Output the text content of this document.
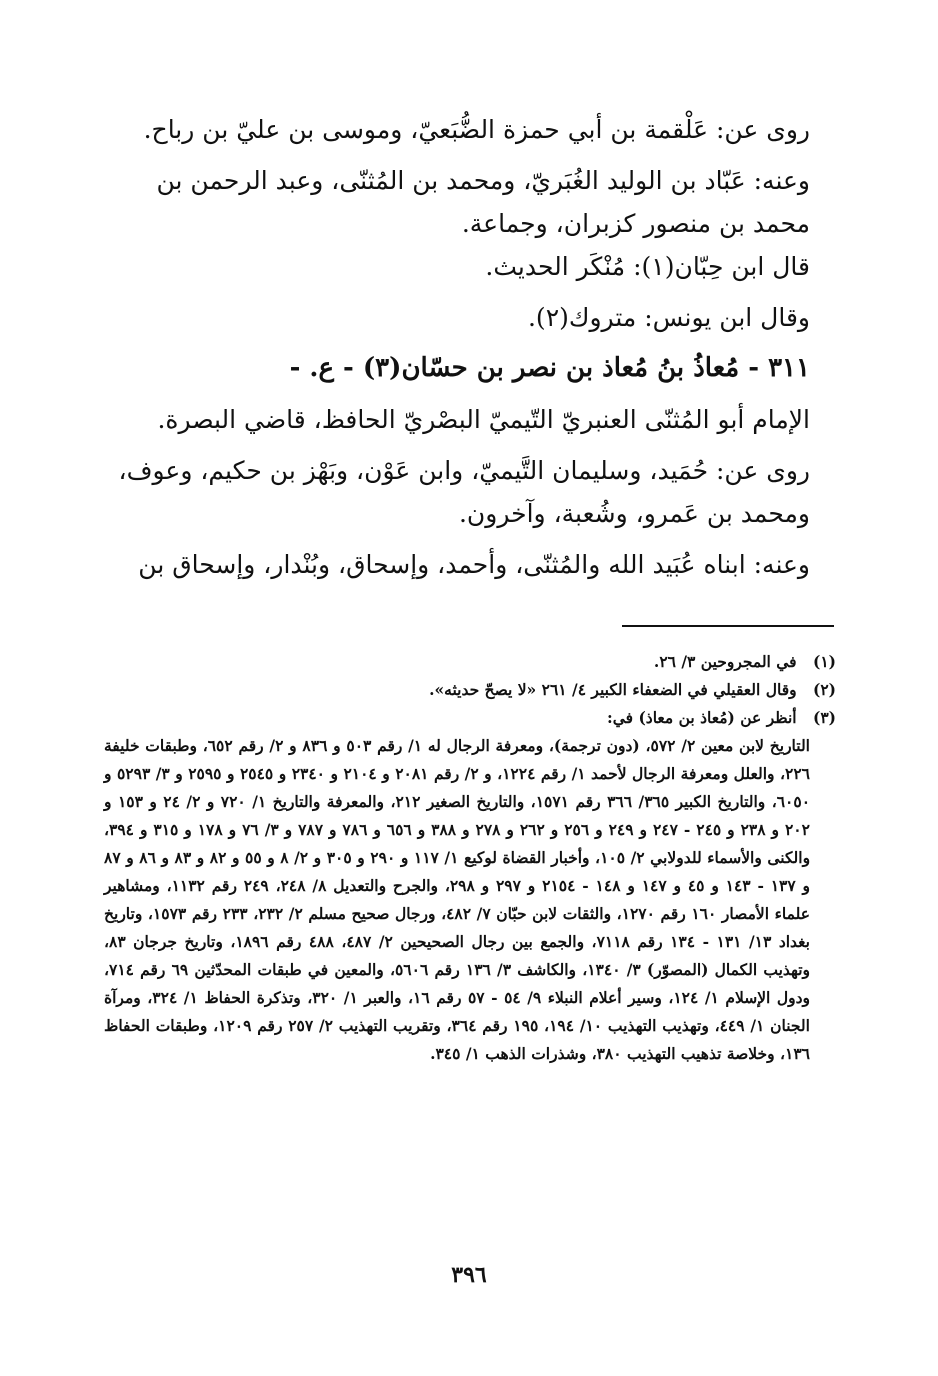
روى عن: عَلْقمة بن أبي حمزة الضُّبَعيّ، وموسى بن عليّ بن رباح.

وعنه: عَبّاد بن الوليد الغُبَريّ، ومحمد بن المُثنّى، وعبد الرحمن بن محمد بن منصور كزبران، وجماعة.

قال ابن حِبّان(١): مُنْكَر الحديث.

وقال ابن يونس: متروك(٢).

٣١١ - مُعاذُ بنُ مُعاذ بن نصر بن حسّان(٣) - ع. -

الإمام أبو المُثنّى العنبريّ التّيميّ البصْريّ الحافظ، قاضي البصرة.

روى عن: حُمَيد، وسليمان التَّيميّ، وابن عَوْن، وبَهْز بن حكيم، وعوف، ومحمد بن عَمرو، وشُعبة، وآخرون.

وعنه: ابناه عُبَيد الله والمُثنّى، وأحمد، وإسحاق، وبُنْدار، وإسحاق بن

(١) في المجروحين ٣/ ٢٦.

(٢) وقال العقيلي في الضعفاء الكبير ٤/ ٢٦١ «لا يصحّ حديثه».

(٣) أنظر عن (مُعاذ بن معاذ) في:

التاريخ لابن معين ٢/ ٥٧٢، (دون ترجمة)، ومعرفة الرجال له ١/ رقم ٥٠٣ و ٨٣٦ و ٢/ رقم ٦٥٢، وطبقات خليفة ٢٢٦، والعلل ومعرفة الرجال لأحمد ١/ رقم ١٢٢٤، و ٢/ رقم ٢٠٨١ و ٢١٠٤ و ٢٣٤٠ و ٢٥٤٥ و ٢٥٩٥ و ٣/ ٥٢٩٣ و ٦٠٥٠، والتاريخ الكبير ٣٦٥/ ٣٦٦ رقم ١٥٧١، والتاريخ الصغير ٢١٢، والمعرفة والتاريخ ١/ ٧٢٠ و ٢/ ٢٤ و ١٥٣ و ٢٠٢ و ٢٣٨ و ٢٤٥ - ٢٤٧ و ٢٤٩ و ٢٥٦ و ٢٦٢ و ٢٧٨ و ٣٨٨ و ٦٥٦ و ٧٨٦ و ٧٨٧ و ٣/ ٧٦ و ١٧٨ و ٣١٥ و ٣٩٤، والكنى والأسماء للدولابي ٢/ ١٠٥، وأخبار القضاة لوكيع ١/ ١١٧ و ٢٩٠ و ٣٠٥ و ٢/ ٨ و ٥٥ و ٨٢ و ٨٣ و ٨٦ و ٨٧ و ١٣٧ - ١٤٣ و ٤٥ و ١٤٧ و ١٤٨ - ٢١٥٤ و ٢٩٧ و ٢٩٨، والجرح والتعديل ٨/ ٢٤٨، ٢٤٩ رقم ١١٣٢، ومشاهير علماء الأمصار ١٦٠ رقم ١٢٧٠، والثقات لابن حبّان ٧/ ٤٨٢، ورجال صحيح مسلم ٢/ ٢٣٢، ٢٣٣ رقم ١٥٧٣، وتاريخ بغداد ١٣/ ١٣١ - ١٣٤ رقم ٧١١٨، والجمع بين رجال الصحيحين ٢/ ٤٨٧، ٤٨٨ رقم ١٨٩٦، وتاريخ جرجان ٨٣، وتهذيب الكمال (المصوّر) ٣/ ١٣٤٠، والكاشف ٣/ ١٣٦ رقم ٥٦٠٦، والمعين في طبقات المحدّثين ٦٩ رقم ٧١٤، ودول الإسلام ١/ ١٢٤، وسير أعلام النبلاء ٩/ ٥٤ - ٥٧ رقم ١٦، والعبر ١/ ٣٢٠، وتذكرة الحفاظ ١/ ٣٢٤، ومرآة الجنان ١/ ٤٤٩، وتهذيب التهذيب ١٠/ ١٩٤، ١٩٥ رقم ٣٦٤، وتقريب التهذيب ٢/ ٢٥٧ رقم ١٢٠٩، وطبقات الحفاظ ١٣٦، وخلاصة تذهيب التهذيب ٣٨٠، وشذرات الذهب ١/ ٣٤٥.

٣٩٦
